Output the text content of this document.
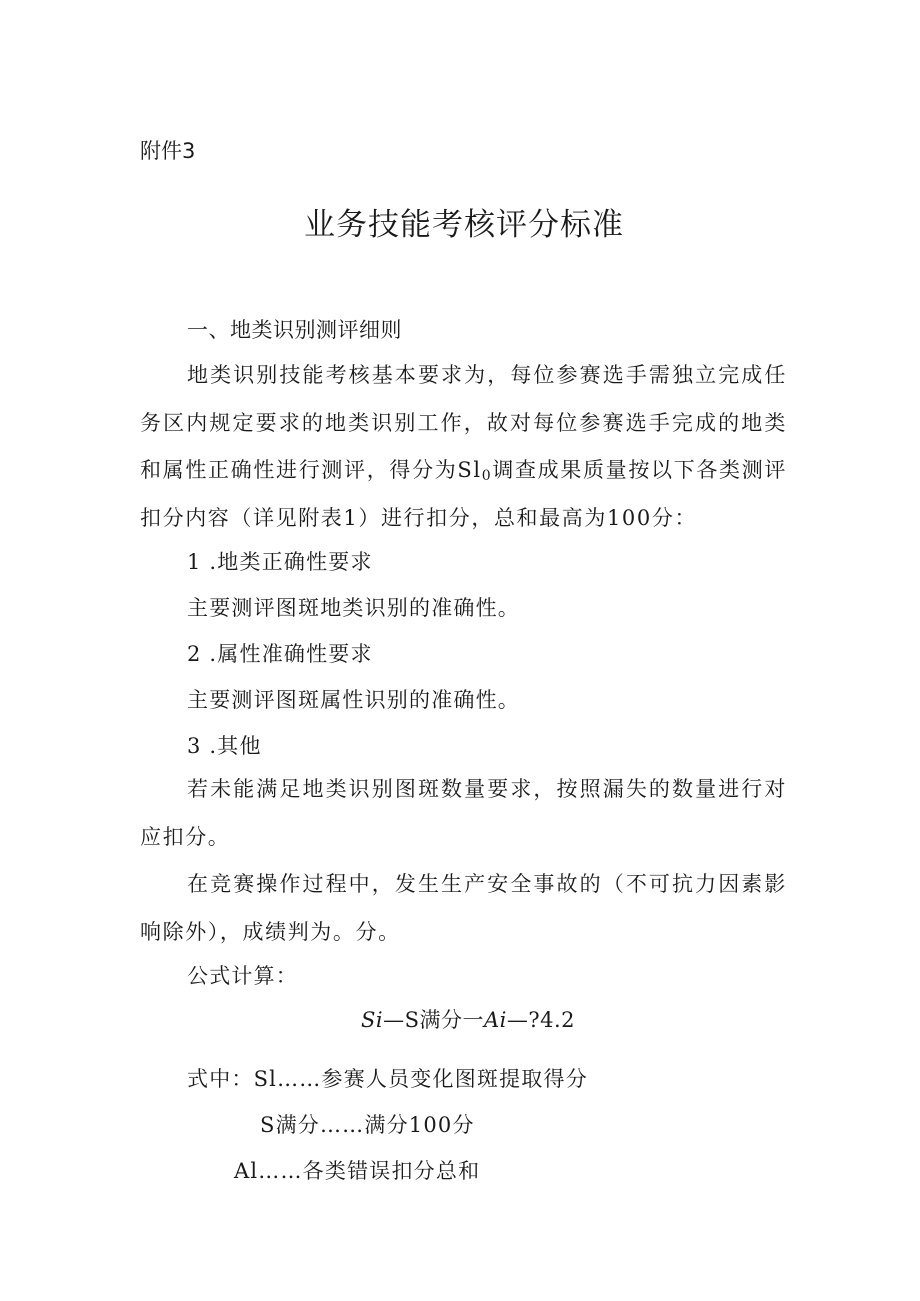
附件3
业务技能考核评分标准
一、地类识别测评细则

地类识别技能考核基本要求为，每位参赛选手需独立完成任务区内规定要求的地类识别工作，故对每位参赛选手完成的地类和属性正确性进行测评，得分为$Sl_0$调查成果质量按以下各类测评扣分内容（详见附表1）进行扣分，总和最高为100分：

1 .地类正确性要求
主要测评图斑地类识别的准确性。
2 .属性准确性要求
主要测评图斑属性识别的准确性。
3 .其他

若未能满足地类识别图斑数量要求，按照漏失的数量进行对应扣分。

在竞赛操作过程中，发生生产安全事故的（不可抗力因素影响除外），成绩判为。分。

公式计算：
Si—S满分一Ai—?4.2
式中：Sl……参赛人员变化图斑提取得分
S满分……满分100分
Al……各类错误扣分总和
